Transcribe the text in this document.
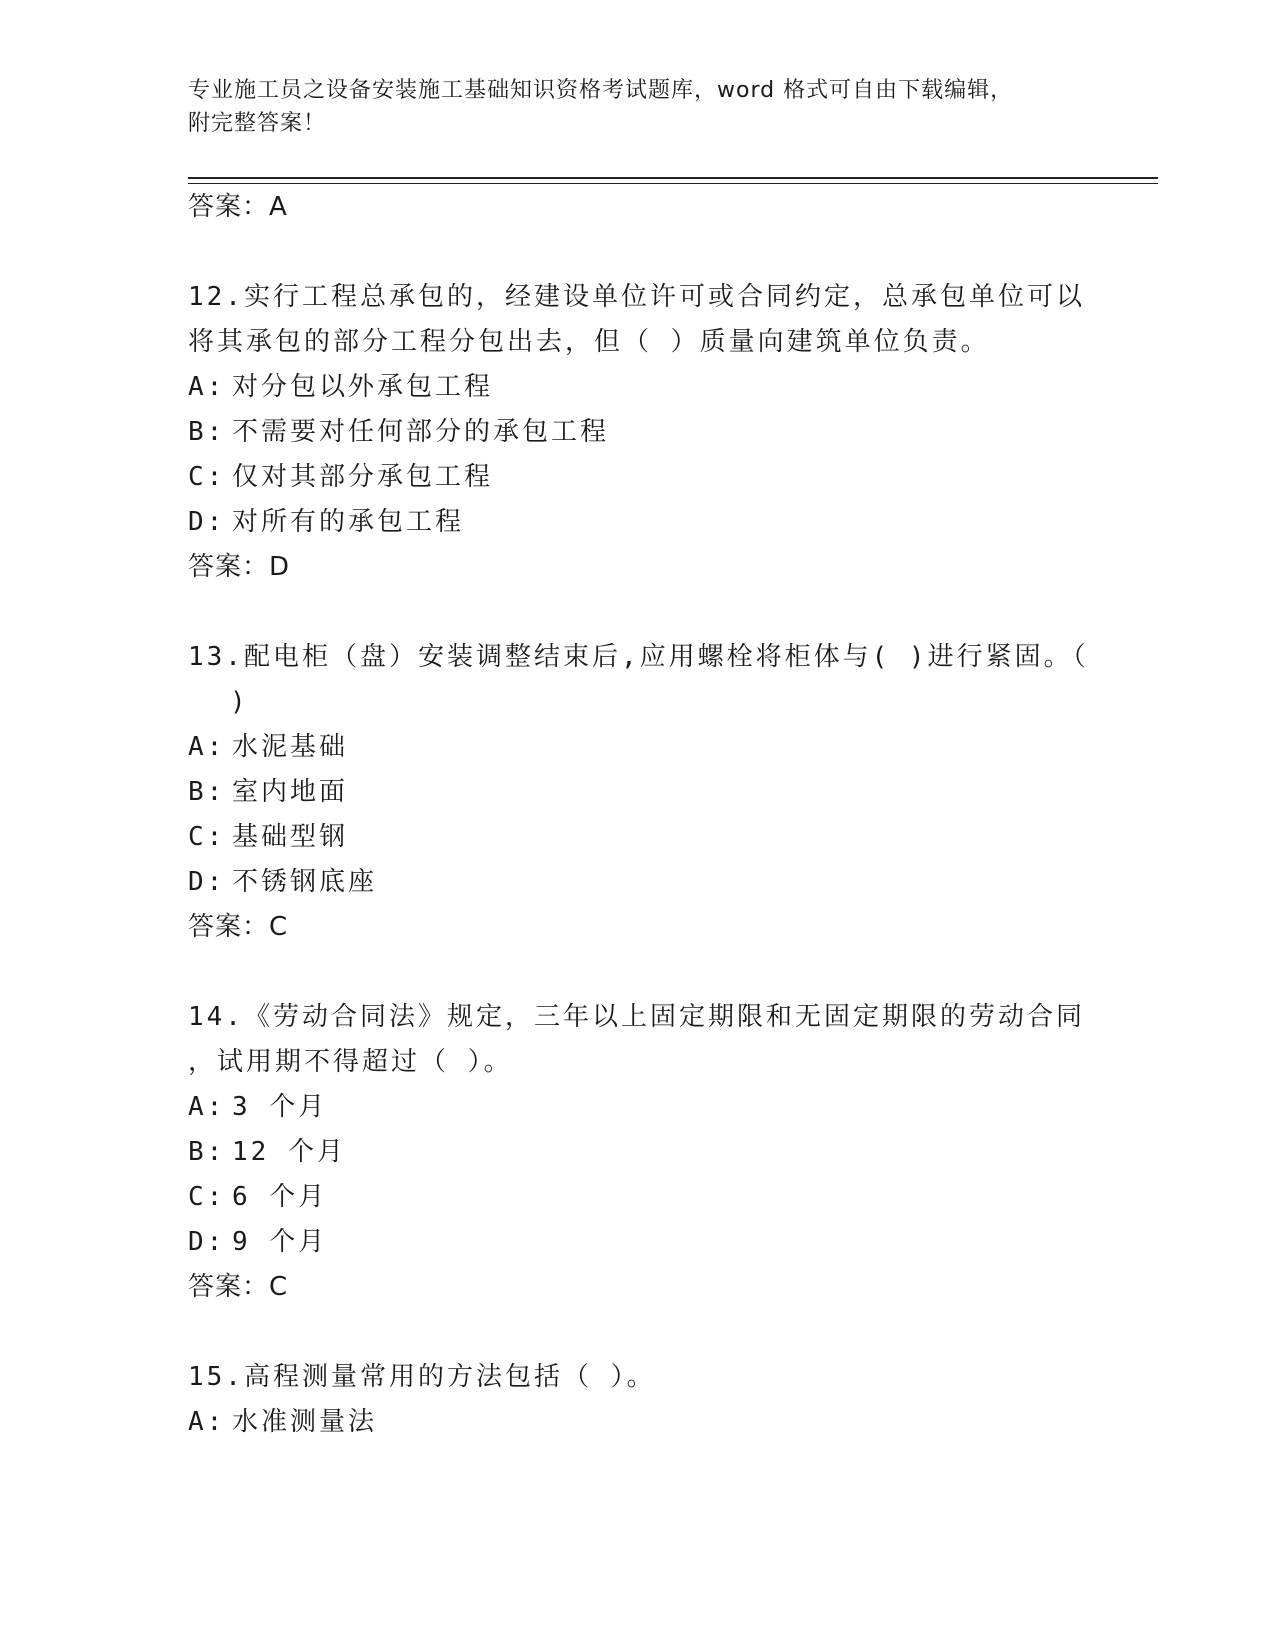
专业施工员之设备安装施工基础知识资格考试题库，word 格式可自由下载编辑，
附完整答案！
答案：A
12.实行工程总承包的，经建设单位许可或合同约定，总承包单位可以
将其承包的部分工程分包出去，但（ ）质量向建筑单位负责。
A: 对分包以外承包工程
B: 不需要对任何部分的承包工程
C: 仅对其部分承包工程
D: 对所有的承包工程
答案：D
13.配电柜（盘）安装调整结束后,应用螺栓将柜体与( )进行紧固。（
)
A: 水泥基础
B: 室内地面
C: 基础型钢
D: 不锈钢底座
答案：C
14.《劳动合同法》规定，三年以上固定期限和无固定期限的劳动合同
，试用期不得超过（ ）。
A: 3 个月
B: 12 个月
C: 6 个月
D: 9 个月
答案：C
15.高程测量常用的方法包括（ ）。
A: 水准测量法
